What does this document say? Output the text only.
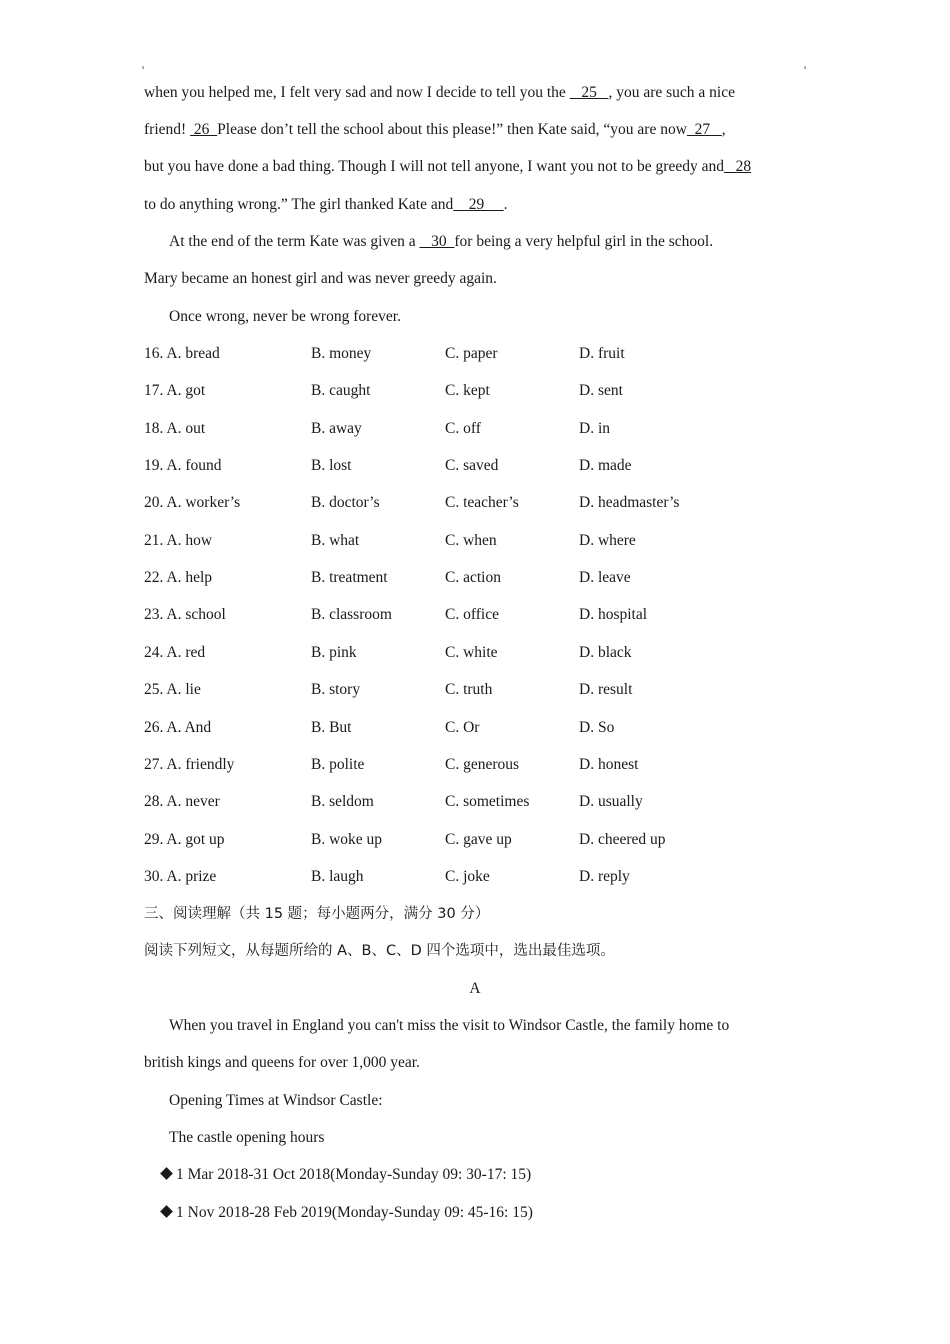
'	'
when you helped me, I felt very sad and now I decide to tell you the    25   , you are such a nice
friend!  26  Please don’t tell the school about this please!” then Kate said, “you are now  27   ,
but you have done a bad thing. Though I will not tell anyone, I want you not to be greedy and   28
to do anything wrong.” The girl thanked Kate and    29     .
At the end of the term Kate was given a    30  for being a very helpful girl in the school.
Mary became an honest girl and was never greedy again.
Once wrong, never be wrong forever.
16. A. bread	B. money	C. paper	D. fruit
17. A. got	B. caught	C. kept	D. sent
18. A. out	B. away	C. off	D. in
19. A. found	B. lost	C. saved	D. made
20. A. worker’s	B. doctor’s	C. teacher’s	D. headmaster’s
21. A. how	B. what	C. when	D. where
22. A. help	B. treatment	C. action	D. leave
23. A. school	B. classroom	C. office	D. hospital
24. A. red	B. pink	C. white	D. black
25. A. lie	B. story	C. truth	D. result
26. A. And	B. But	C. Or	D. So
27. A. friendly	B. polite	C. generous	D. honest
28. A. never	B. seldom	C. sometimes	D. usually
29. A. got up	B. woke up	C. gave up	D. cheered up
30. A. prize	B. laugh	C. joke	D. reply
三、阅读理解（共 15 题；每小题两分，满分 30 分）
阅读下列短文，从每题所给的 A、B、C、D 四个选项中，选出最佳选项。
A
When you travel in England you can't miss the visit to Windsor Castle, the family home to
british kings and queens for over 1,000 year.
Opening Times at Windsor Castle:
The castle opening hours
1 Mar 2018-31 Oct 2018(Monday-Sunday 09: 30-17: 15)
1 Nov 2018-28 Feb 2019(Monday-Sunday 09: 45-16: 15)
